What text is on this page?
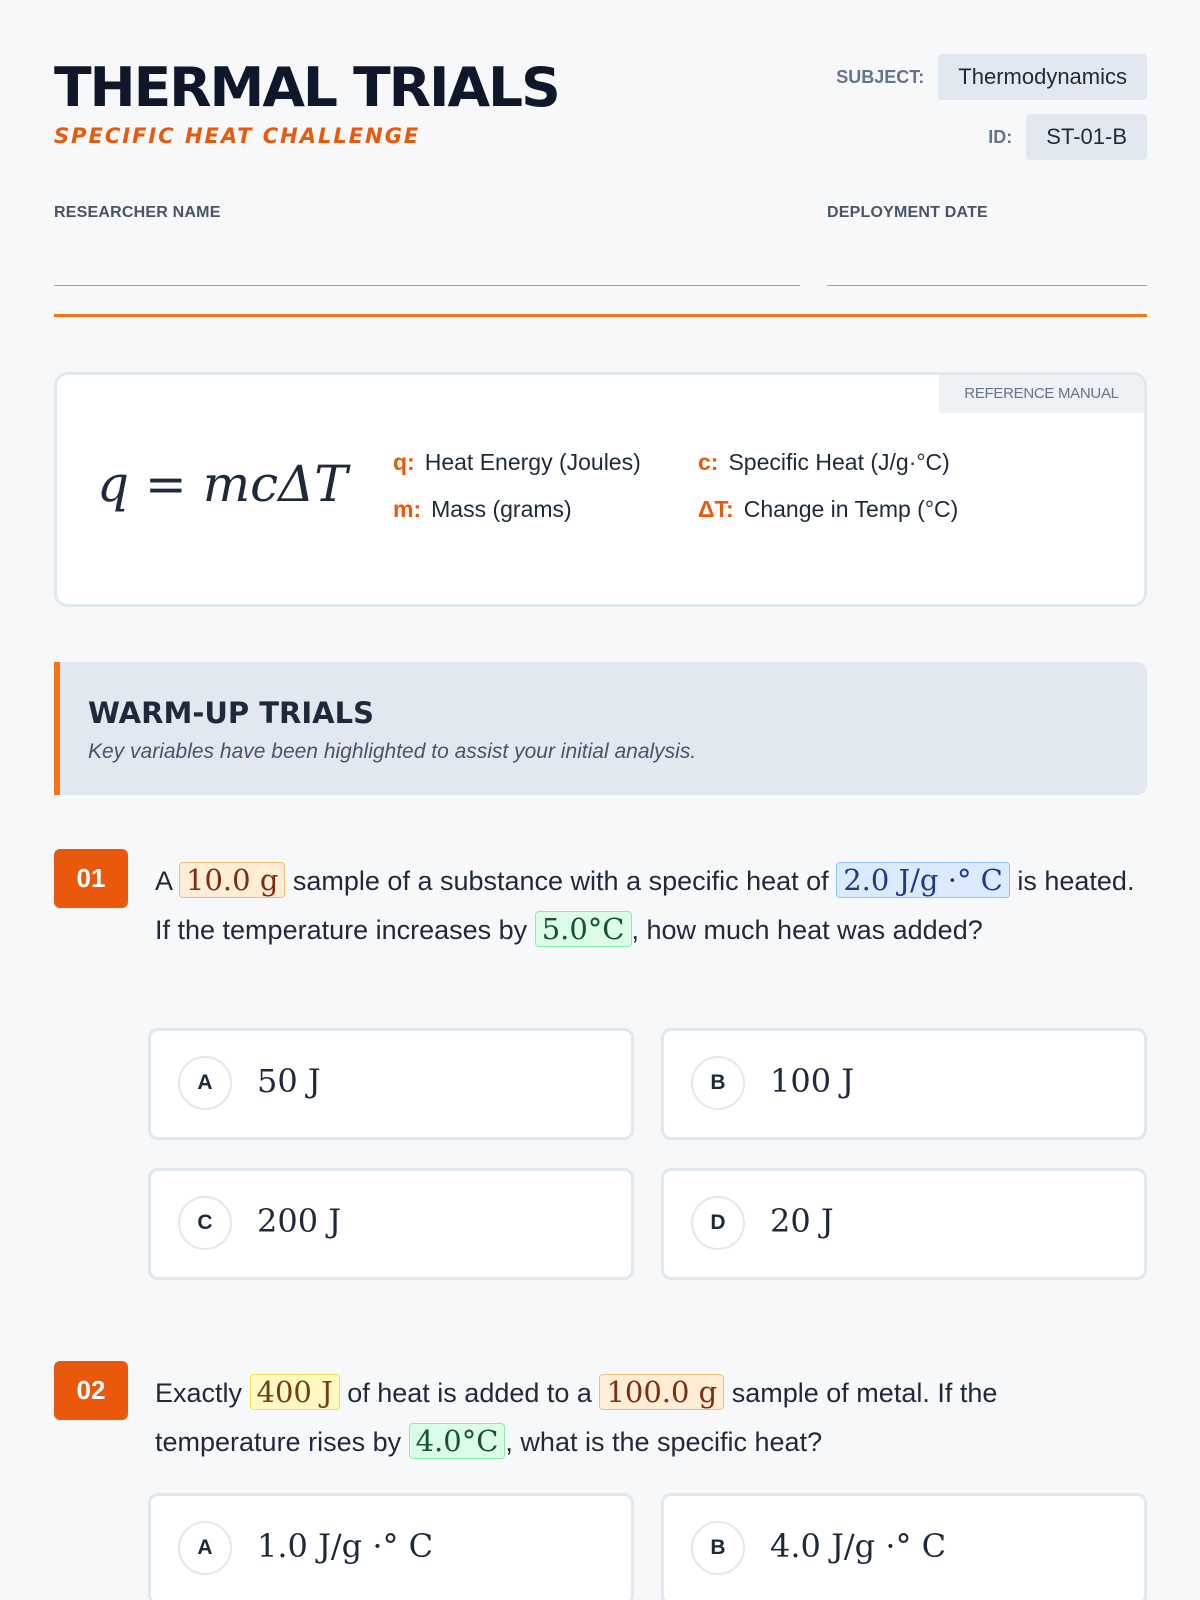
THERMAL TRIALS
SPECIFIC HEAT CHALLENGE
SUBJECT:	Thermodynamics
ID:	ST-01-B
RESEARCHER NAME	DEPLOYMENT DATE
REFERENCE MANUAL
q = mcΔT q: Heat Energy (Joules)
m: Mass (grams)
c: Specific Heat (J/g·°C)
ΔT: Change in Temp (°C)
WARM-UP TRIALS
Key variables have been highlighted to assist your initial analysis.
01	A 10.0 g sample of a substance with a specific heat of 2.0 J/g ·° C is heated. If the temperature increases by 5.0°C , how much heat was added?
A	50 J	B	100 J
C	200 J	D	20 J
02	Exactly 400 J of heat is added to a 100.0 g sample of metal. If the temperature rises by 4.0°C , what is the specific heat?
A	1.0 J/g ·° C	B	4.0 J/g ·° C
